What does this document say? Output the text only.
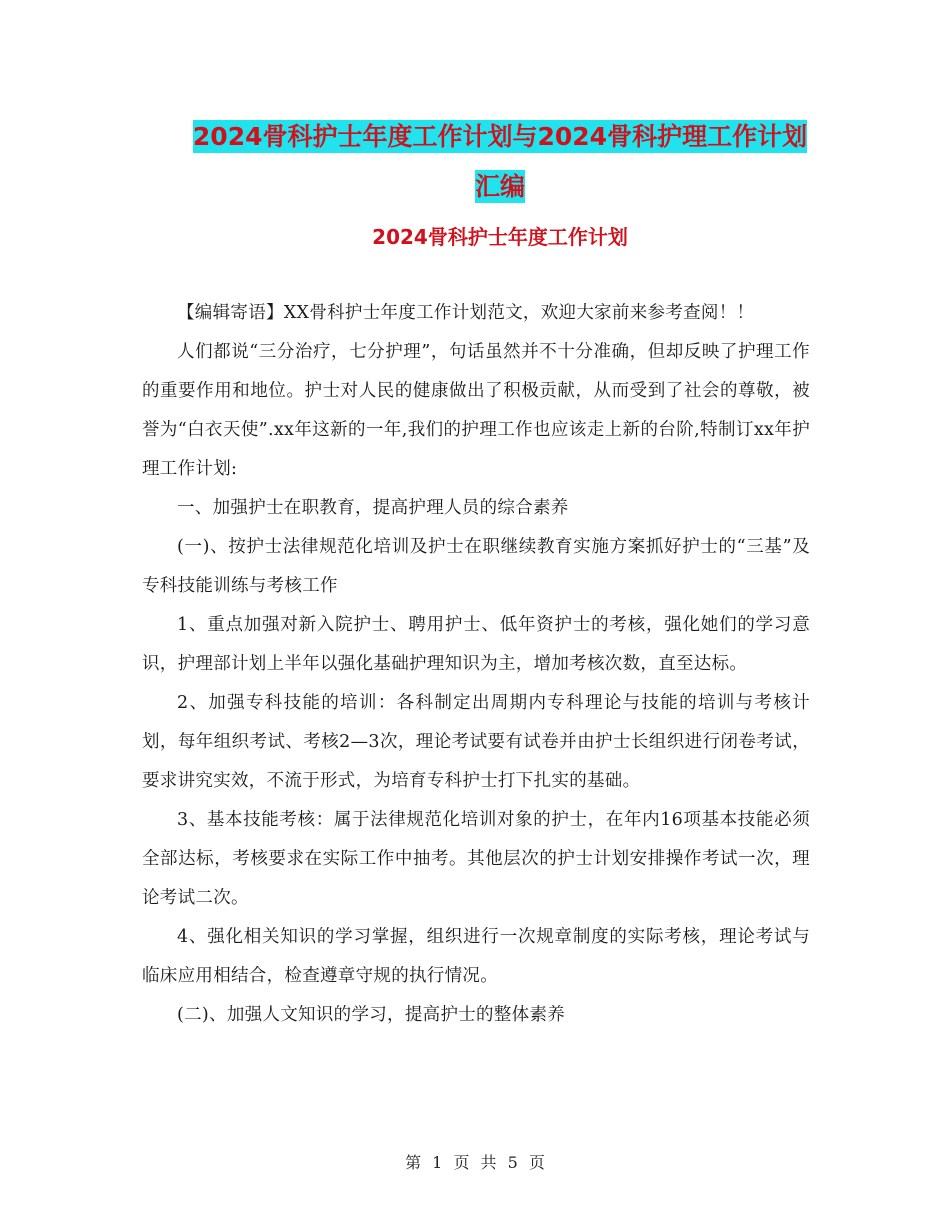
2024骨科护士年度工作计划与2024骨科护理工作计划
汇编
2024骨科护士年度工作计划

【编辑寄语】XX骨科护士年度工作计划范文，欢迎大家前来参考查阅！！

人们都说“三分治疗，七分护理”，句话虽然并不十分准确，但却反映了护理工作的重要作用和地位。护士对人民的健康做出了积极贡献，从而受到了社会的尊敬，被誉为“白衣天使”.xx年这新的一年,我们的护理工作也应该走上新的台阶,特制订xx年护理工作计划:

一、加强护士在职教育，提高护理人员的综合素养

(一)、按护士法律规范化培训及护士在职继续教育实施方案抓好护士的“三基”及专科技能训练与考核工作

1、重点加强对新入院护士、聘用护士、低年资护士的考核，强化她们的学习意识，护理部计划上半年以强化基础护理知识为主，增加考核次数，直至达标。

2、加强专科技能的培训：各科制定出周期内专科理论与技能的培训与考核计划，每年组织考试、考核2—3次，理论考试要有试卷并由护士长组织进行闭卷考试，要求讲究实效，不流于形式，为培育专科护士打下扎实的基础。

3、基本技能考核：属于法律规范化培训对象的护士，在年内16项基本技能必须全部达标，考核要求在实际工作中抽考。其他层次的护士计划安排操作考试一次，理论考试二次。

4、强化相关知识的学习掌握，组织进行一次规章制度的实际考核，理论考试与临床应用相结合，检查遵章守规的执行情况。

(二)、加强人文知识的学习，提高护士的整体素养

第 1 页 共 5 页
